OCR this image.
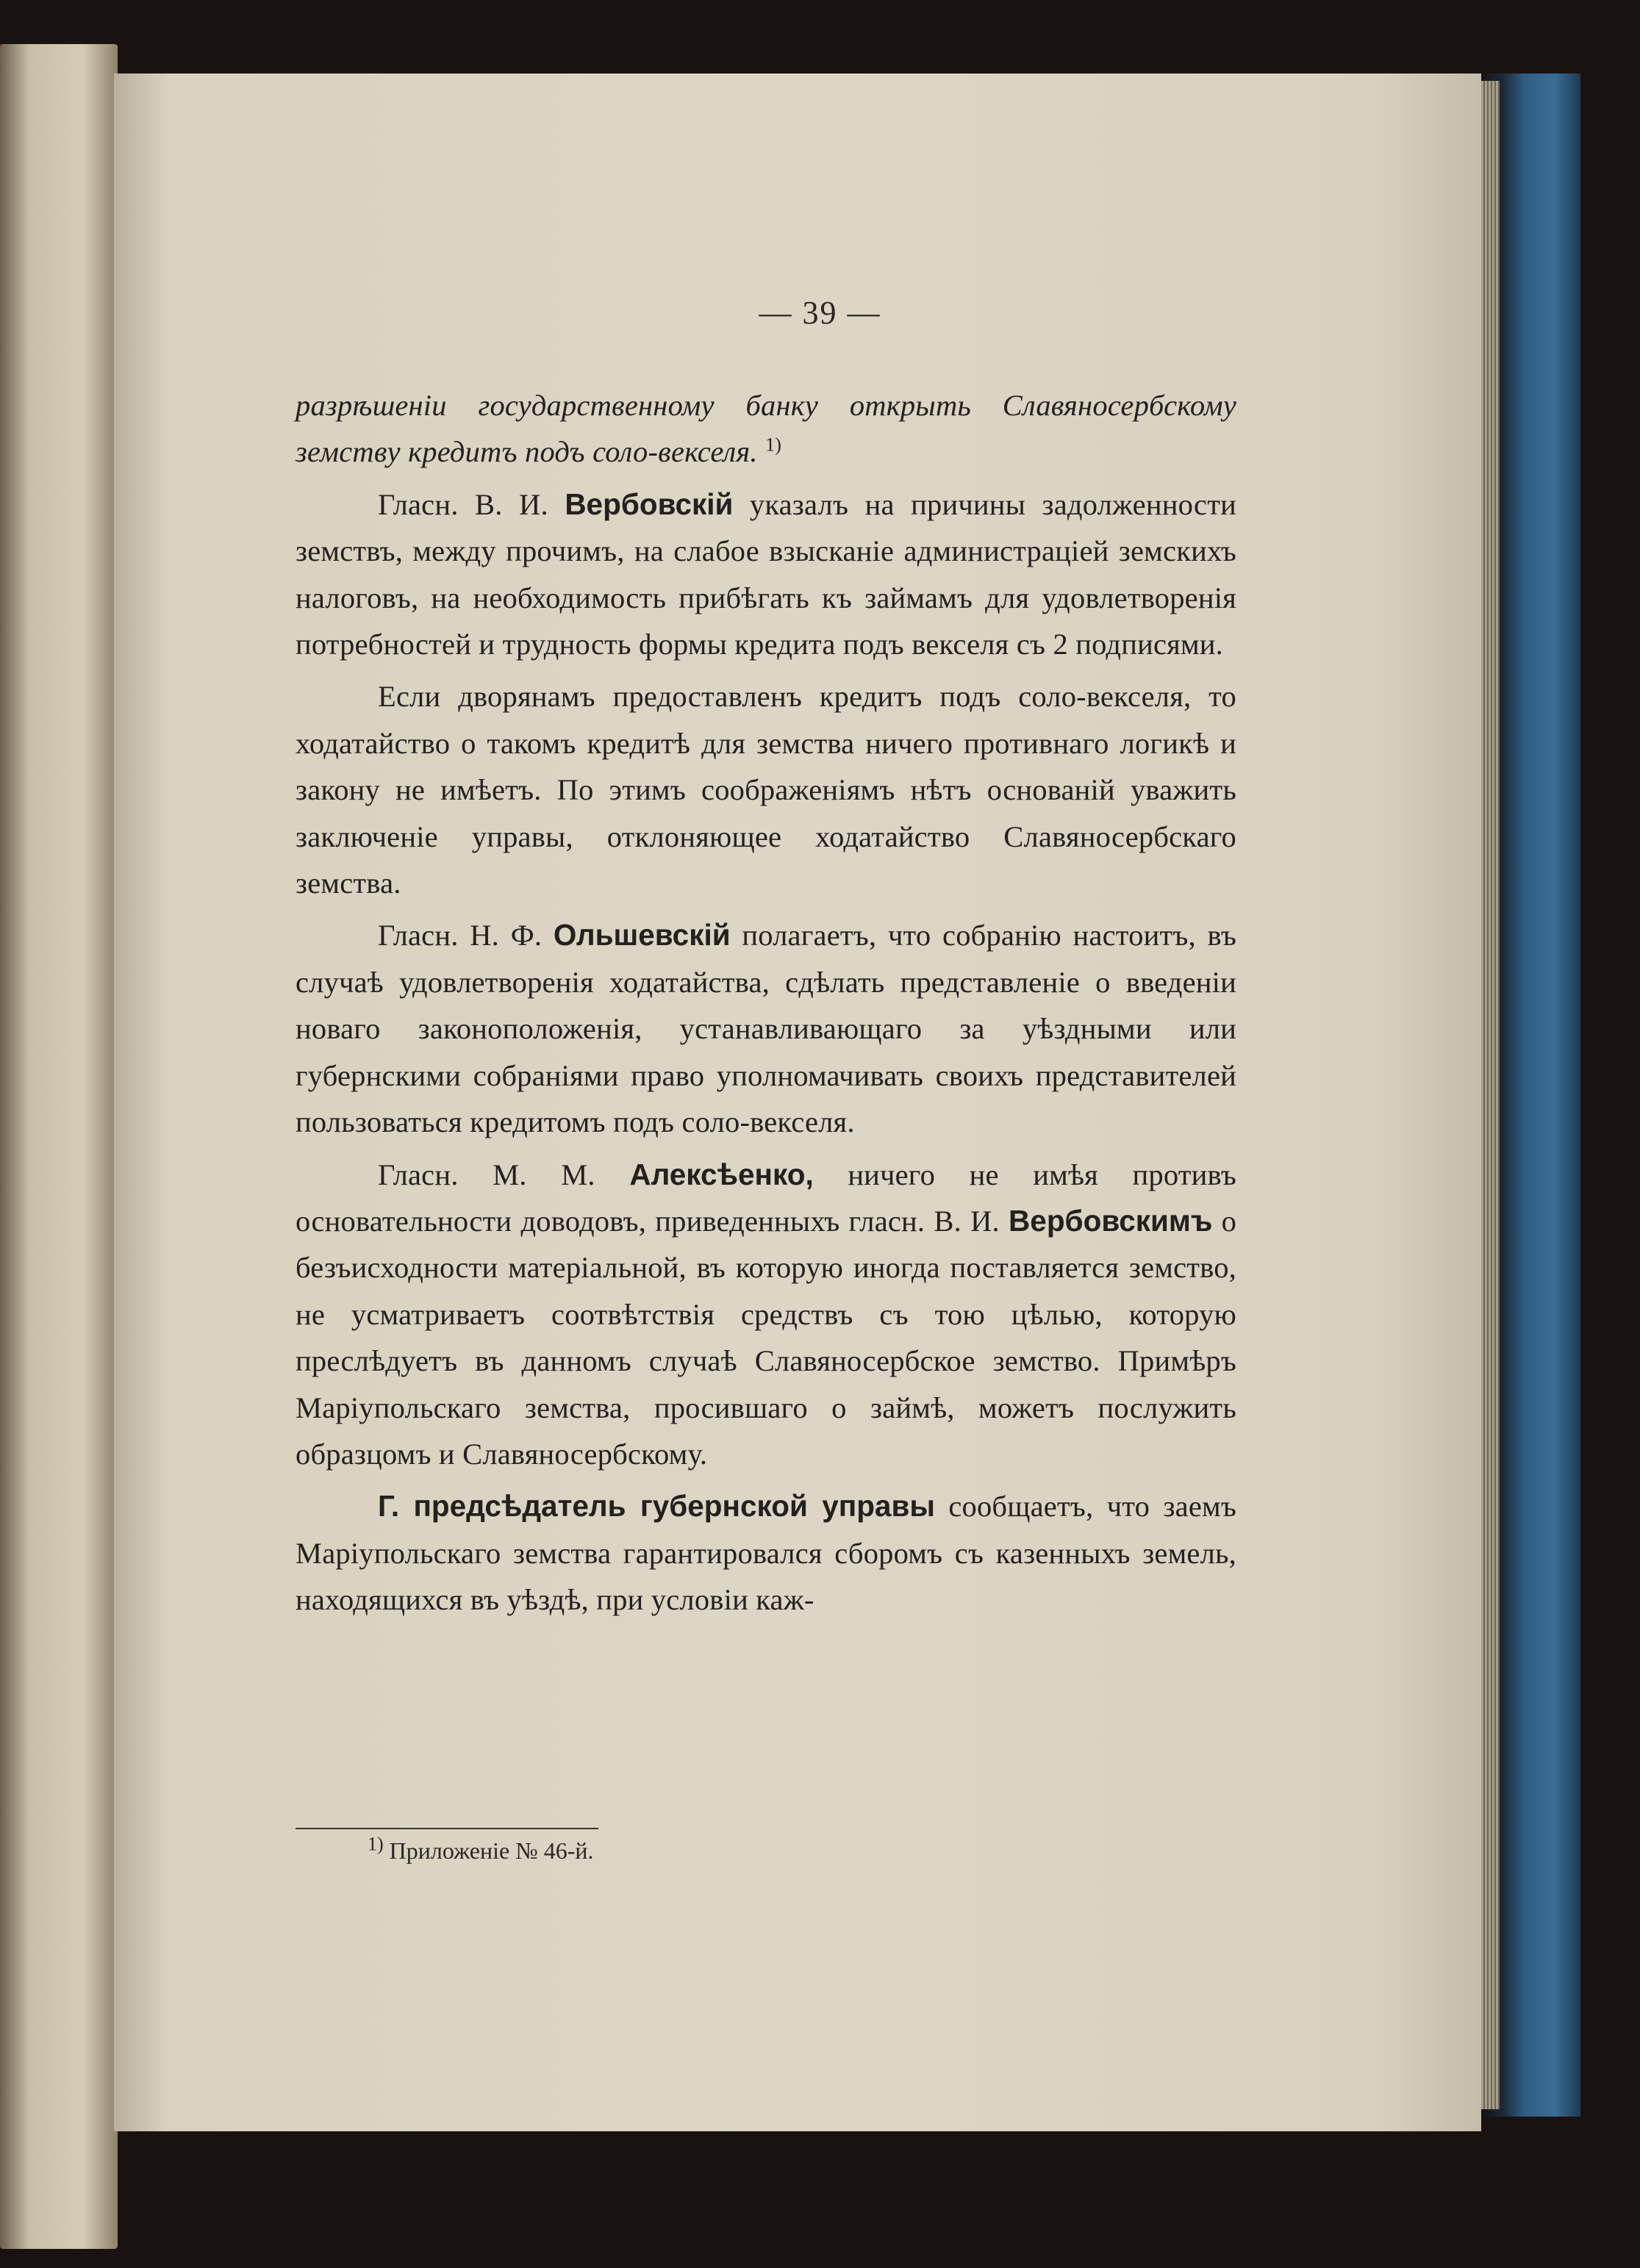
— 39 —

разрѣшенiи государственному банку открыть Славяносербскому земству кредитъ подъ соло-векселя. $^{1)}$

Гласн. В. И. Вербовскiй указалъ на причины задолженности земствъ, между прочимъ, на слабое взысканiе администрацiей земскихъ налоговъ, на необходимость прибѣгать къ займамъ для удовлетворенiя потребностей и трудность формы кредита подъ векселя съ 2 подписями.

Если дворянамъ предоставленъ кредитъ подъ соло-векселя, то ходатайство о такомъ кредитѣ для земства ничего противнаго логикѣ и закону не имѣетъ. По этимъ соображенiямъ нѣтъ основанiй уважить заключенiе управы, отклоняющее ходатайство Славяносербскаго земства.

Гласн. Н. Ф. Ольшевскiй полагаетъ, что собранiю настоитъ, въ случаѣ удовлетворенiя ходатайства, сдѣлать представленiе о введенiи новаго законоположенiя, устанавливающаго за уѣздными или губернскими собранiями право уполномачивать своихъ представителей пользоваться кредитомъ подъ соло-векселя.

Гласн. М. М. Алексѣенко, ничего не имѣя противъ основательности доводовъ, приведенныхъ гласн. В. И. Вербовскимъ о безъисходности матерiальной, въ которую иногда поставляется земство, не усматриваетъ соотвѣтствiя средствъ съ тою цѣлью, которую преслѣдуетъ въ данномъ случаѣ Славяносербское земство. Примѣръ Марiупольскаго земства, просившаго о займѣ, можетъ послужить образцомъ и Славяносербскому.

Г. предсѣдатель губернской управы сообщаетъ, что заемъ Марiупольскаго земства гарантировался сборомъ съ казенныхъ земель, находящихся въ уѣздѣ, при условiи каж-

$^{1)}$ Приложенiе № 46-й.
